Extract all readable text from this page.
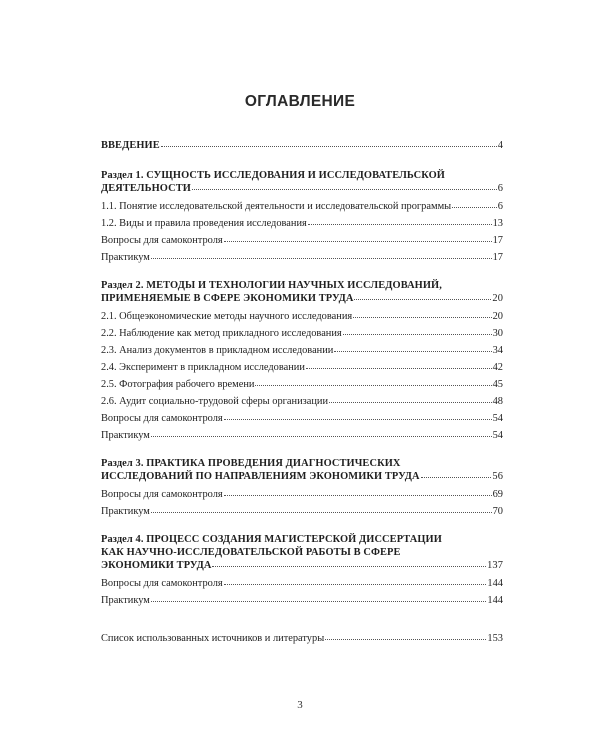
ОГЛАВЛЕНИЕ
ВВЕДЕНИЕ	4
Раздел 1. СУЩНОСТЬ ИССЛЕДОВАНИЯ И ИССЛЕДОВАТЕЛЬСКОЙ
ДЕЯТЕЛЬНОСТИ	6
1.1. Понятие исследовательской деятельности и исследовательской программы	6
1.2. Виды и правила проведения исследования	13
Вопросы для самоконтроля	17
Практикум	17
Раздел 2. МЕТОДЫ И ТЕХНОЛОГИИ НАУЧНЫХ ИССЛЕДОВАНИЙ,
ПРИМЕНЯЕМЫЕ В СФЕРЕ ЭКОНОМИКИ ТРУДА	20
2.1. Общеэкономические методы научного исследования	20
2.2. Наблюдение как метод прикладного исследования	30
2.3. Анализ документов в прикладном исследовании	34
2.4. Эксперимент в прикладном исследовании	42
2.5. Фотография рабочего времени	45
2.6. Аудит социально-трудовой сферы организации	48
Вопросы для самоконтроля	54
Практикум	54
Раздел 3. ПРАКТИКА ПРОВЕДЕНИЯ ДИАГНОСТИЧЕСКИХ
ИССЛЕДОВАНИЙ ПО НАПРАВЛЕНИЯМ ЭКОНОМИКИ ТРУДА	56
Вопросы для самоконтроля	69
Практикум	70
Раздел 4. ПРОЦЕСС СОЗДАНИЯ МАГИСТЕРСКОЙ ДИССЕРТАЦИИ
КАК НАУЧНО-ИССЛЕДОВАТЕЛЬСКОЙ РАБОТЫ В СФЕРЕ
ЭКОНОМИКИ ТРУДА	137
Вопросы для самоконтроля	144
Практикум	144
Список использованных источников и литературы	153
3
